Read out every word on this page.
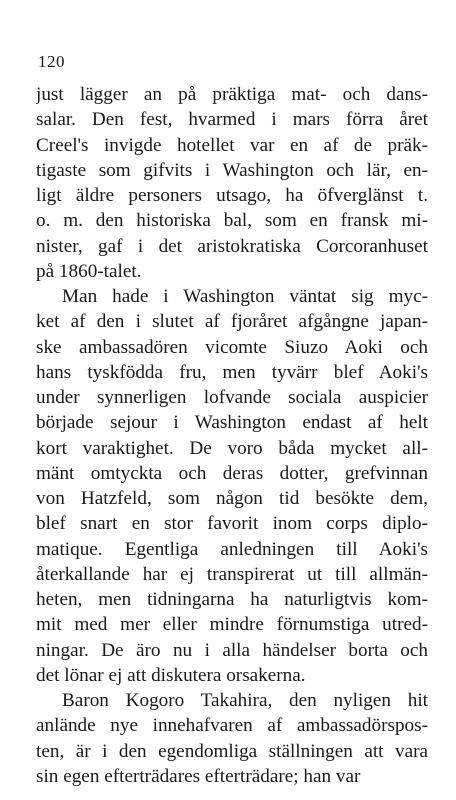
120
just lägger an på präktiga mat- och dans-
salar. Den fest, hvarmed i mars förra året
Creel's invigde hotellet var en af de präk-
tigaste som gifvits i Washington och lär, en-
ligt äldre personers utsago, ha öfverglänst t.
o. m. den historiska bal, som en fransk mi-
nister, gaf i det aristokratiska Corcoranhuset
på 1860-talet.
Man hade i Washington väntat sig myc-
ket af den i slutet af fjoråret afgångne japan-
ske ambassadören vicomte Siuzo Aoki och
hans tyskfödda fru, men tyvärr blef Aoki's
under synnerligen lofvande sociala auspicier
började sejour i Washington endast af helt
kort varaktighet. De voro båda mycket all-
mänt omtyckta och deras dotter, grefvinnan
von Hatzfeld, som någon tid besökte dem,
blef snart en stor favorit inom corps diplo-
matique. Egentliga anledningen till Aoki's
återkallande har ej transpirerat ut till allmän-
heten, men tidningarna ha naturligtvis kom-
mit med mer eller mindre förnumstiga utred-
ningar. De äro nu i alla händelser borta och
det lönar ej att diskutera orsakerna.
Baron Kogoro Takahira, den nyligen hit
anlände nye innehafvaren af ambassadörspos-
ten, är i den egendomliga ställningen att vara
sin egen efterträdares efterträdare; han var
